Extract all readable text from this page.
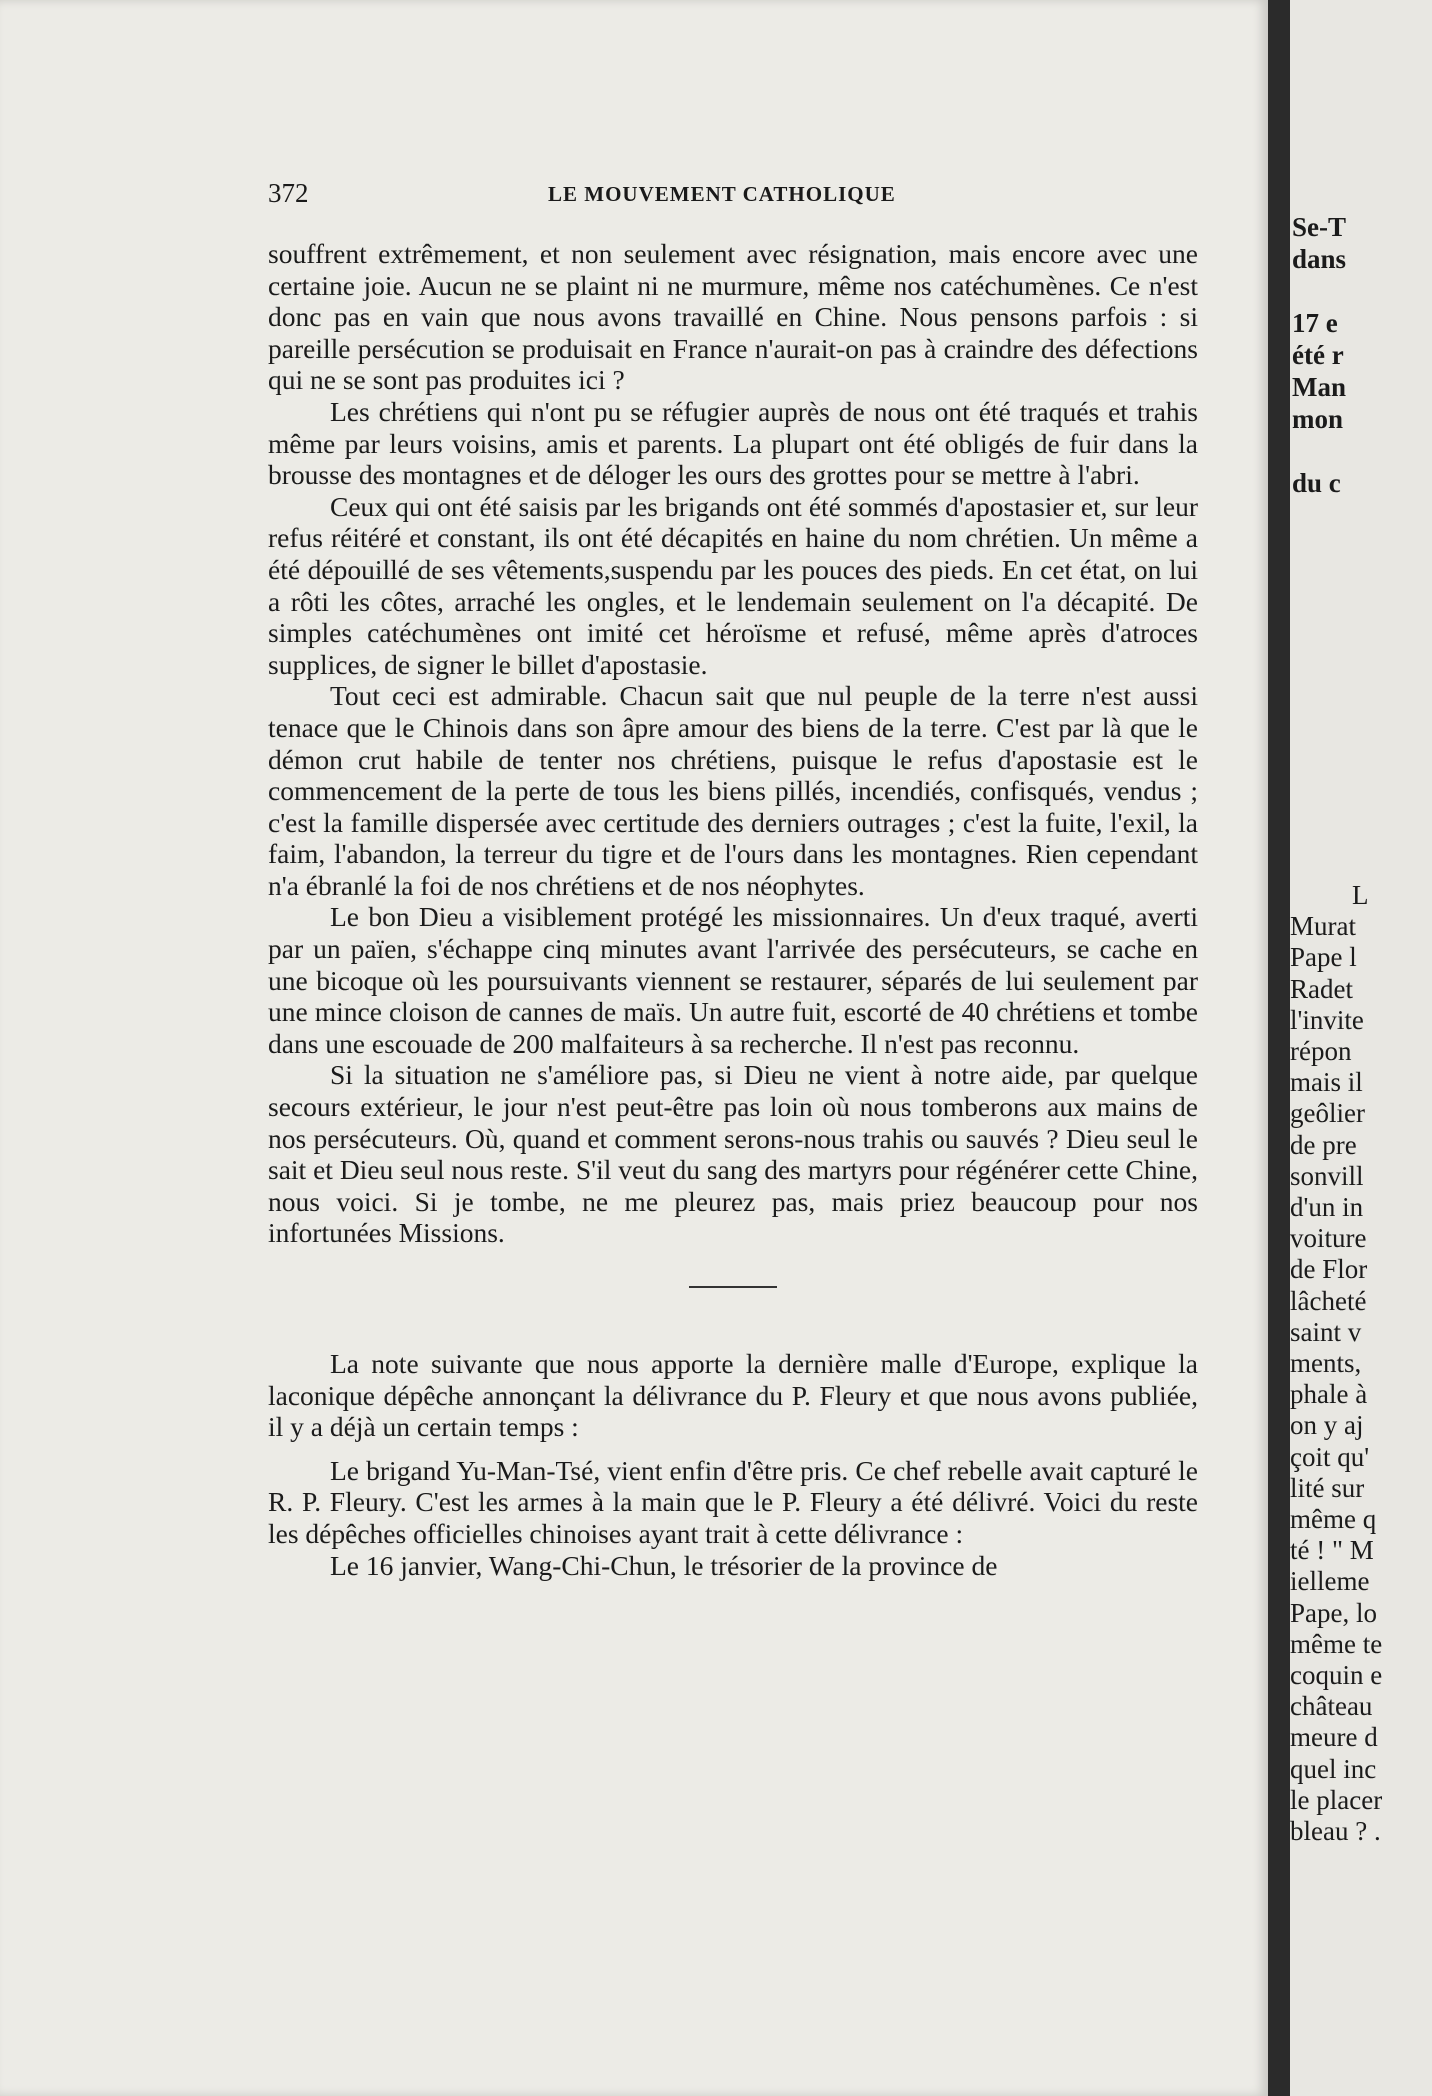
372	LE MOUVEMENT CATHOLIQUE

souffrent extrêmement, et non seulement avec résignation, mais encore avec une certaine joie. Aucun ne se plaint ni ne murmure, même nos catéchumènes. Ce n'est donc pas en vain que nous avons travaillé en Chine. Nous pensons parfois : si pareille persécution se produisait en France n'aurait-on pas à craindre des défections qui ne se sont pas produites ici ?

Les chrétiens qui n'ont pu se réfugier auprès de nous ont été traqués et trahis même par leurs voisins, amis et parents. La plupart ont été obligés de fuir dans la brousse des montagnes et de déloger les ours des grottes pour se mettre à l'abri.

Ceux qui ont été saisis par les brigands ont été sommés d'apostasier et, sur leur refus réitéré et constant, ils ont été décapités en haine du nom chrétien. Un même a été dépouillé de ses vêtements,suspendu par les pouces des pieds. En cet état, on lui a rôti les côtes, arraché les ongles, et le lendemain seulement on l'a décapité. De simples catéchumènes ont imité cet héroïsme et refusé, même après d'atroces supplices, de signer le billet d'apostasie.

Tout ceci est admirable. Chacun sait que nul peuple de la terre n'est aussi tenace que le Chinois dans son âpre amour des biens de la terre. C'est par là que le démon crut habile de tenter nos chrétiens, puisque le refus d'apostasie est le commencement de la perte de tous les biens pillés, incendiés, confisqués, vendus ; c'est la famille dispersée avec certitude des derniers outrages ; c'est la fuite, l'exil, la faim, l'abandon, la terreur du tigre et de l'ours dans les montagnes. Rien cependant n'a ébranlé la foi de nos chrétiens et de nos néophytes.

Le bon Dieu a visiblement protégé les missionnaires. Un d'eux traqué, averti par un païen, s'échappe cinq minutes avant l'arrivée des persécuteurs, se cache en une bicoque où les poursuivants viennent se restaurer, séparés de lui seulement par une mince cloison de cannes de maïs. Un autre fuit, escorté de 40 chrétiens et tombe dans une escouade de 200 malfaiteurs à sa recherche. Il n'est pas reconnu.

Si la situation ne s'améliore pas, si Dieu ne vient à notre aide, par quelque secours extérieur, le jour n'est peut-être pas loin où nous tomberons aux mains de nos persécuteurs. Où, quand et comment serons-nous trahis ou sauvés ? Dieu seul le sait et Dieu seul nous reste. S'il veut du sang des martyrs pour régénérer cette Chine, nous voici. Si je tombe, ne me pleurez pas, mais priez beaucoup pour nos infortunées Missions.

La note suivante que nous apporte la dernière malle d'Europe, explique la laconique dépêche annonçant la délivrance du P. Fleury et que nous avons publiée, il y a déjà un certain temps :

Le brigand Yu-Man-Tsé, vient enfin d'être pris. Ce chef rebelle avait capturé le R. P. Fleury. C'est les armes à la main que le P. Fleury a été délivré. Voici du reste les dépêches officielles chinoises ayant trait à cette délivrance :

Le 16 janvier, Wang-Chi-Chun, le trésorier de la province de

Se-T
dans
17 e
été r
Man
mon
du c
L
Murat
Pape l
Radet
l'invite
répon
mais il
geôlier
de pre
sonvill
d'un in
voiture
de Flor
lâcheté
saint v
ments,
phale à
on y aj
çoit qu'
lité sur
même q
té ! " M
ielleme
Pape, lo
même te
coquin e
château
meure d
quel inc
le placer
bleau ? .
